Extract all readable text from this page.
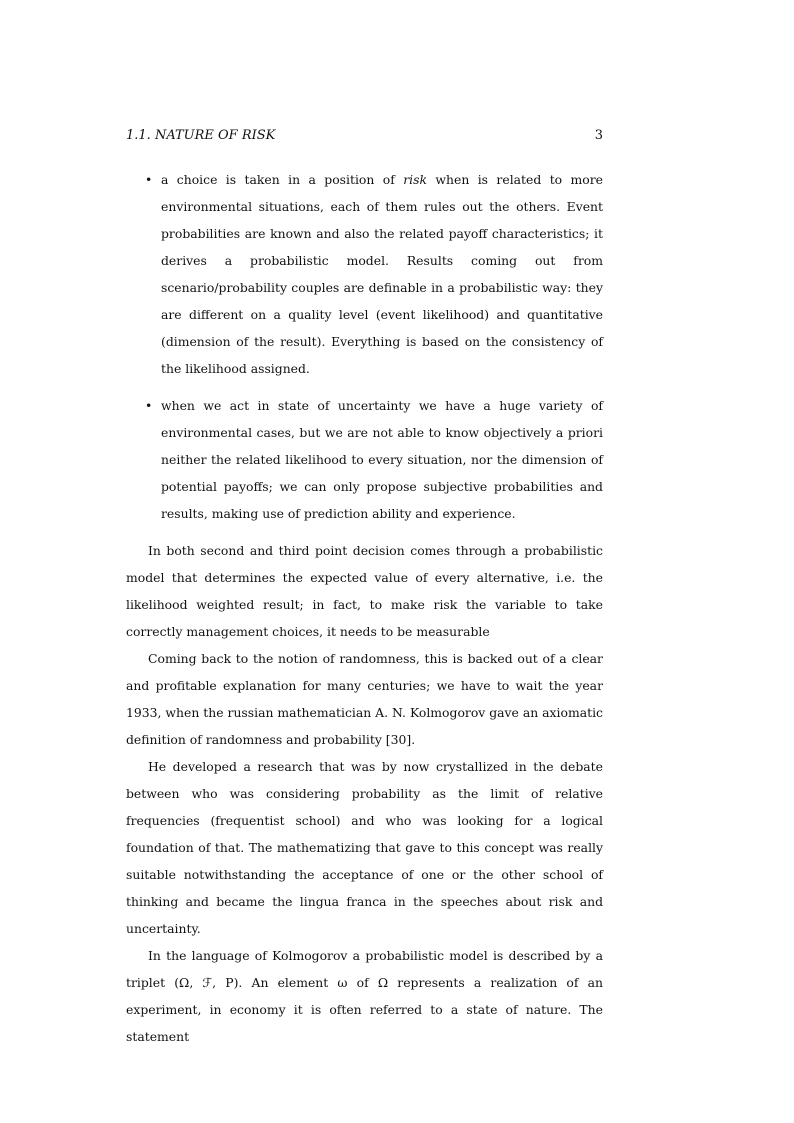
1.1. NATURE OF RISK	3
• a choice is taken in a position of risk when is related to more environmental situations, each of them rules out the others. Event probabilities are known and also the related payoff characteristics; it derives a probabilistic model. Results coming out from scenario/probability couples are definable in a probabilistic way: they are different on a quality level (event likelihood) and quantitative (dimension of the result). Everything is based on the consistency of the likelihood assigned.
• when we act in state of uncertainty we have a huge variety of environmental cases, but we are not able to know objectively a priori neither the related likelihood to every situation, nor the dimension of potential payoffs; we can only propose subjective probabilities and results, making use of prediction ability and experience.

In both second and third point decision comes through a probabilistic model that determines the expected value of every alternative, i.e. the likelihood weighted result; in fact, to make risk the variable to take correctly management choices, it needs to be measurable

Coming back to the notion of randomness, this is backed out of a clear and profitable explanation for many centuries; we have to wait the year 1933, when the russian mathematician A. N. Kolmogorov gave an axiomatic definition of randomness and probability [30].

He developed a research that was by now crystallized in the debate between who was considering probability as the limit of relative frequencies (frequentist school) and who was looking for a logical foundation of that. The mathematizing that gave to this concept was really suitable notwithstanding the acceptance of one or the other school of thinking and became the lingua franca in the speeches about risk and uncertainty.

In the language of Kolmogorov a probabilistic model is described by a triplet (Ω, ℱ, P). An element ω of Ω represents a realization of an experiment, in economy it is often referred to a state of nature. The statement
